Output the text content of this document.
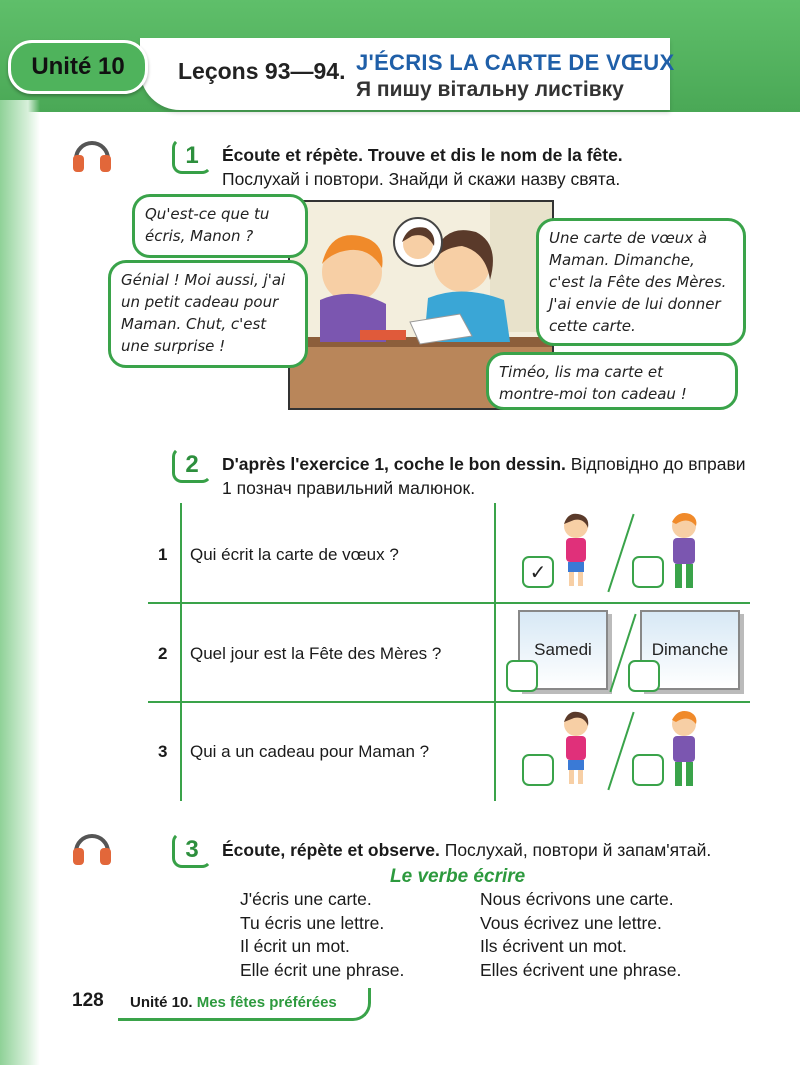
Unité 10	Leçons 93—94. J'ÉCRIS LA CARTE DE VŒUX
Я пишу вітальну листівку
1	Écoute et répète. Trouve et dis le nom de la fête.
Послухай і повтори. Знайди й скажи назву свята.
Qu'est-ce que tu écris, Manon ?
Génial ! Moi aussi, j'ai un petit cadeau pour Maman. Chut, c'est une surprise !
Une carte de vœux à Maman. Dimanche, c'est la Fête des Mères. J'ai envie de lui donner cette carte.
Timéo, lis ma carte et montre-moi ton cadeau !
2	D'après l'exercice 1, coche le bon dessin. Відповідно до вправи 1 познач правильний малюнок.
1 Qui écrit la carte de vœux ?
✓
2 Quel jour est la Fête des Mères ?	Samedi	Dimanche
3 Qui a un cadeau pour Maman ?
3	Écoute, répète et observe. Послухай, повтори й запам'ятай.
Le verbe écrire
J'écris une carte.
Tu écris une lettre.
Il écrit un mot.
Elle écrit une phrase.
Nous écrivons une carte.
Vous écrivez une lettre.
Ils écrivent un mot.
Elles écrivent une phrase.
128 Unité 10. Mes fêtes préférées
